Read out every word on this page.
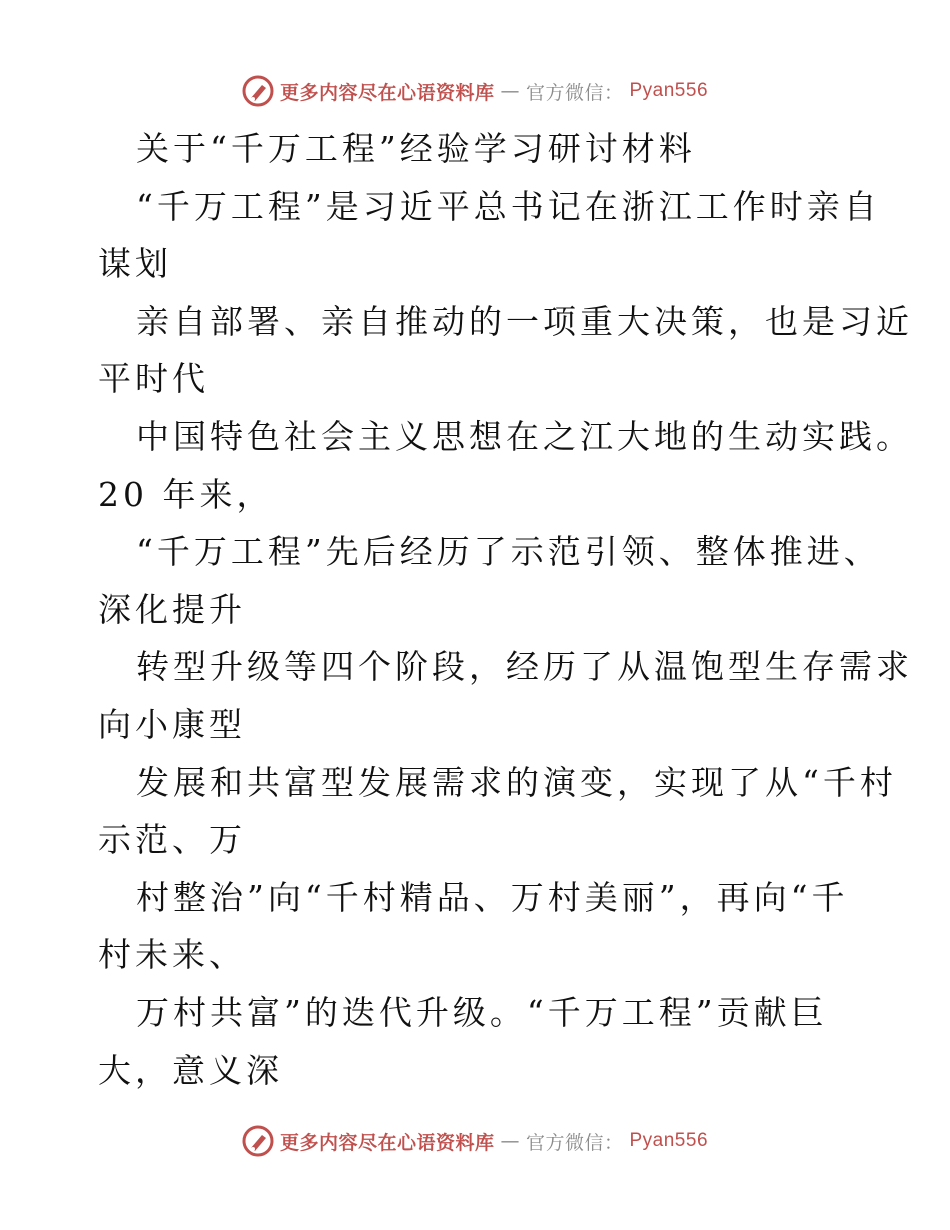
更多内容尽在心语资料库 — 官方微信： Pyan556
关于“千万工程”经验学习研讨材料
“千万工程”是习近平总书记在浙江工作时亲自
谋划
亲自部署、亲自推动的一项重大决策，也是习近
平时代
中国特色社会主义思想在之江大地的生动实践。
20 年来，
“千万工程”先后经历了示范引领、整体推进、
深化提升
转型升级等四个阶段，经历了从温饱型生存需求
向小康型
发展和共富型发展需求的演变，实现了从“千村
示范、万
村整治”向“千村精品、万村美丽”，再向“千
村未来、
万村共富”的迭代升级。“千万工程”贡献巨
大，意义深
更多内容尽在心语资料库 — 官方微信： Pyan556
